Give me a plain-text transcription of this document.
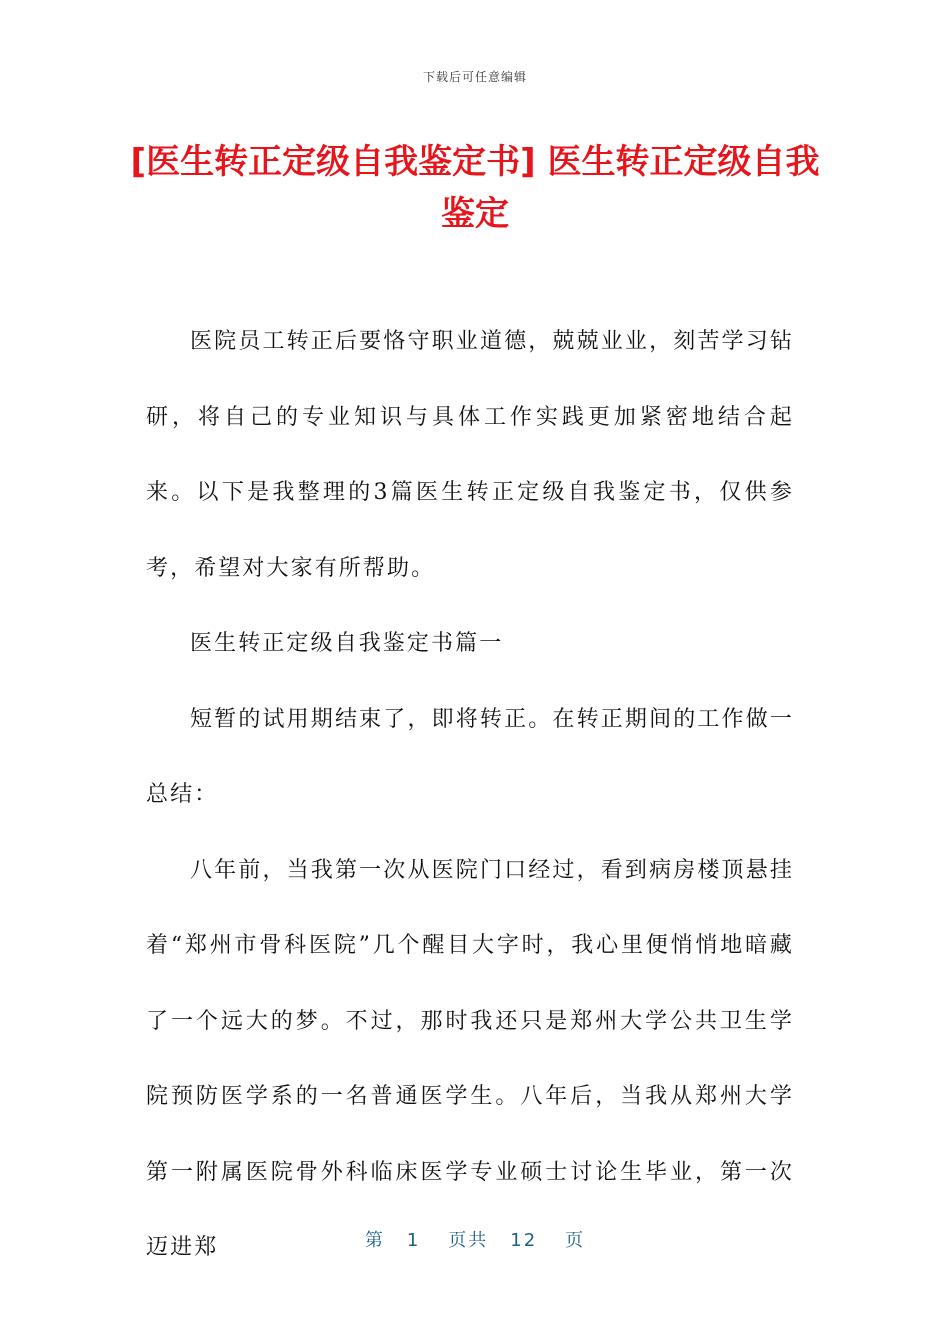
下载后可任意编辑
[医生转正定级自我鉴定书] 医生转正定级自我鉴定

医院员工转正后要恪守职业道德，兢兢业业，刻苦学习钻研，将自己的专业知识与具体工作实践更加紧密地结合起来。以下是我整理的3篇医生转正定级自我鉴定书，仅供参考，希望对大家有所帮助。

医生转正定级自我鉴定书篇一

短暂的试用期结束了，即将转正。在转正期间的工作做一总结：

八年前，当我第一次从医院门口经过，看到病房楼顶悬挂着“郑州市骨科医院”几个醒目大字时，我心里便悄悄地暗藏了一个远大的梦。不过，那时我还只是郑州大学公共卫生学院预防医学系的一名普通医学生。八年后，当我从郑州大学第一附属医院骨外科临床医学专业硕士讨论生毕业，第一次迈进郑	第 1 页共 12 页
